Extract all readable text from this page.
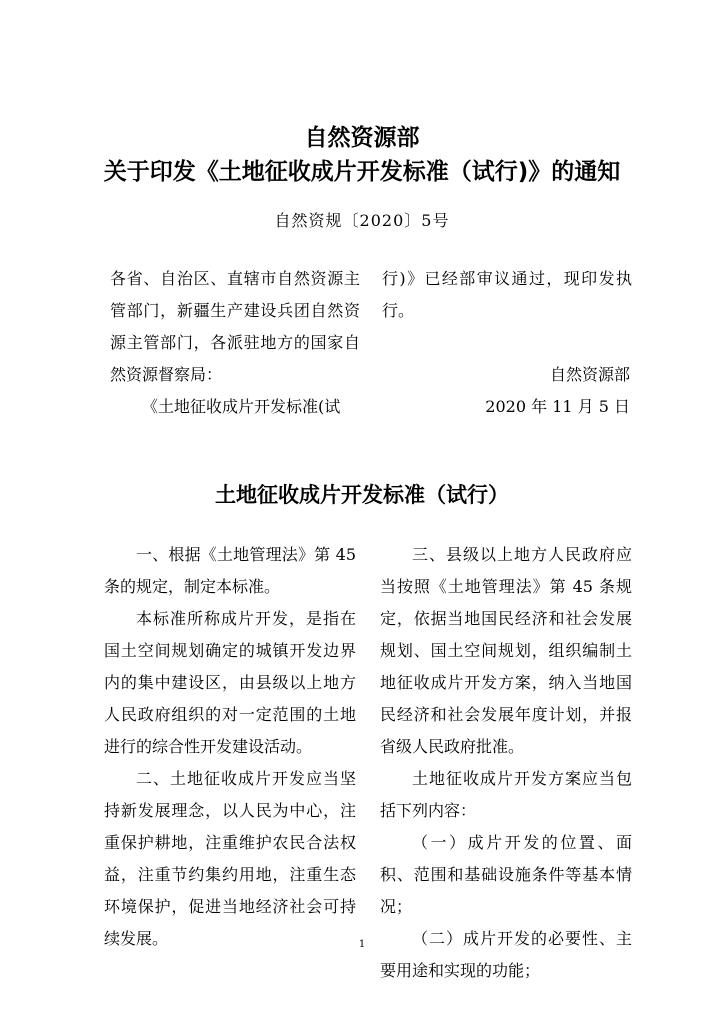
自然资源部
关于印发《土地征收成片开发标准（试行)》的通知
自然资规〔2020〕5号

各省、自治区、直辖市自然资源主管部门，新疆生产建设兵团自然资源主管部门，各派驻地方的国家自然资源督察局：

《土地征收成片开发标准(试

行)》已经部审议通过，现印发执行。

自然资源部
2020 年 11 月 5 日
土地征收成片开发标准（试行）

一、根据《土地管理法》第 45 条的规定，制定本标准。

本标准所称成片开发，是指在国土空间规划确定的城镇开发边界内的集中建设区，由县级以上地方人民政府组织的对一定范围的土地进行的综合性开发建设活动。

二、土地征收成片开发应当坚持新发展理念，以人民为中心，注重保护耕地，注重维护农民合法权益，注重节约集约用地，注重生态环境保护，促进当地经济社会可持续发展。

三、县级以上地方人民政府应当按照《土地管理法》第 45 条规定，依据当地国民经济和社会发展规划、国土空间规划，组织编制土地征收成片开发方案，纳入当地国民经济和社会发展年度计划，并报省级人民政府批准。

土地征收成片开发方案应当包括下列内容：

（一）成片开发的位置、面积、范围和基础设施条件等基本情况；

（二）成片开发的必要性、主要用途和实现的功能；

1
